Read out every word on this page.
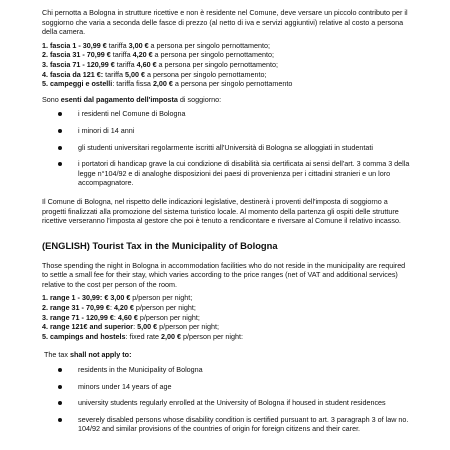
Chi pernotta a Bologna in strutture ricettive e non è residente nel Comune, deve versare un piccolo contributo per il soggiorno che varia a seconda delle fasce di prezzo (al netto di iva e servizi aggiuntivi) relative al costo a persona della camera.

1. fascia 1 - 30,99 € tariffa 3,00 € a persona per singolo pernottamento;

2. fascia 31 - 70,99 € tariffa 4,20 € a persona per singolo pernottamento;

3. fascia 71 - 120,99 € tariffa 4,60 € a persona per singolo pernottamento;

4. fascia da 121 €: tariffa 5,00 € a persona per singolo pernottamento;

5. campeggi e ostelli: tariffa fissa 2,00 € a persona per singolo pernottamento

Sono esenti dal pagamento dell'imposta di soggiorno:

i residenti nel Comune di Bologna
i minori di 14 anni
gli studenti universitari regolarmente iscritti all'Università di Bologna se alloggiati in studentati
i portatori di handicap grave la cui condizione di disabilità sia certificata ai sensi dell'art. 3 comma 3 della legge n°104/92 e di analoghe disposizioni dei paesi di provenienza per i cittadini stranieri e un loro accompagnatore.

Il Comune di Bologna, nel rispetto delle indicazioni legislative, destinerà i proventi dell'imposta di soggiorno a progetti finalizzati alla promozione del sistema turistico locale. Al momento della partenza gli ospiti delle strutture ricettive verseranno l'imposta al gestore che poi è tenuto a rendicontare e riversare al Comune il relativo incasso.

(ENGLISH) Tourist Tax in the Municipality of Bologna

Those spending the night in Bologna in accommodation facilities who do not reside in the municipality are required to settle a small fee for their stay, which varies according to the price ranges (net of VAT and additional services) relative to the cost per person of the room.

1. range 1 - 30,99: € 3,00 € p/person per night;

2. range 31 - 70,99 €: 4,20 € p/person per night;

3. range 71 - 120,99 €: 4,60 € p/person per night;

4. range 121€ and superior: 5,00 € p/person per night;

5. campings and hostels: fixed rate 2,00 € p/person per night:

The tax shall not apply to:

residents in the Municipality of Bologna
minors under 14 years of age
university students regularly enrolled at the University of Bologna if housed in student residences
severely disabled persons whose disability condition is certified pursuant to art. 3 paragraph 3 of law no. 104/92 and similar provisions of the countries of origin for foreign citizens and their carer.
